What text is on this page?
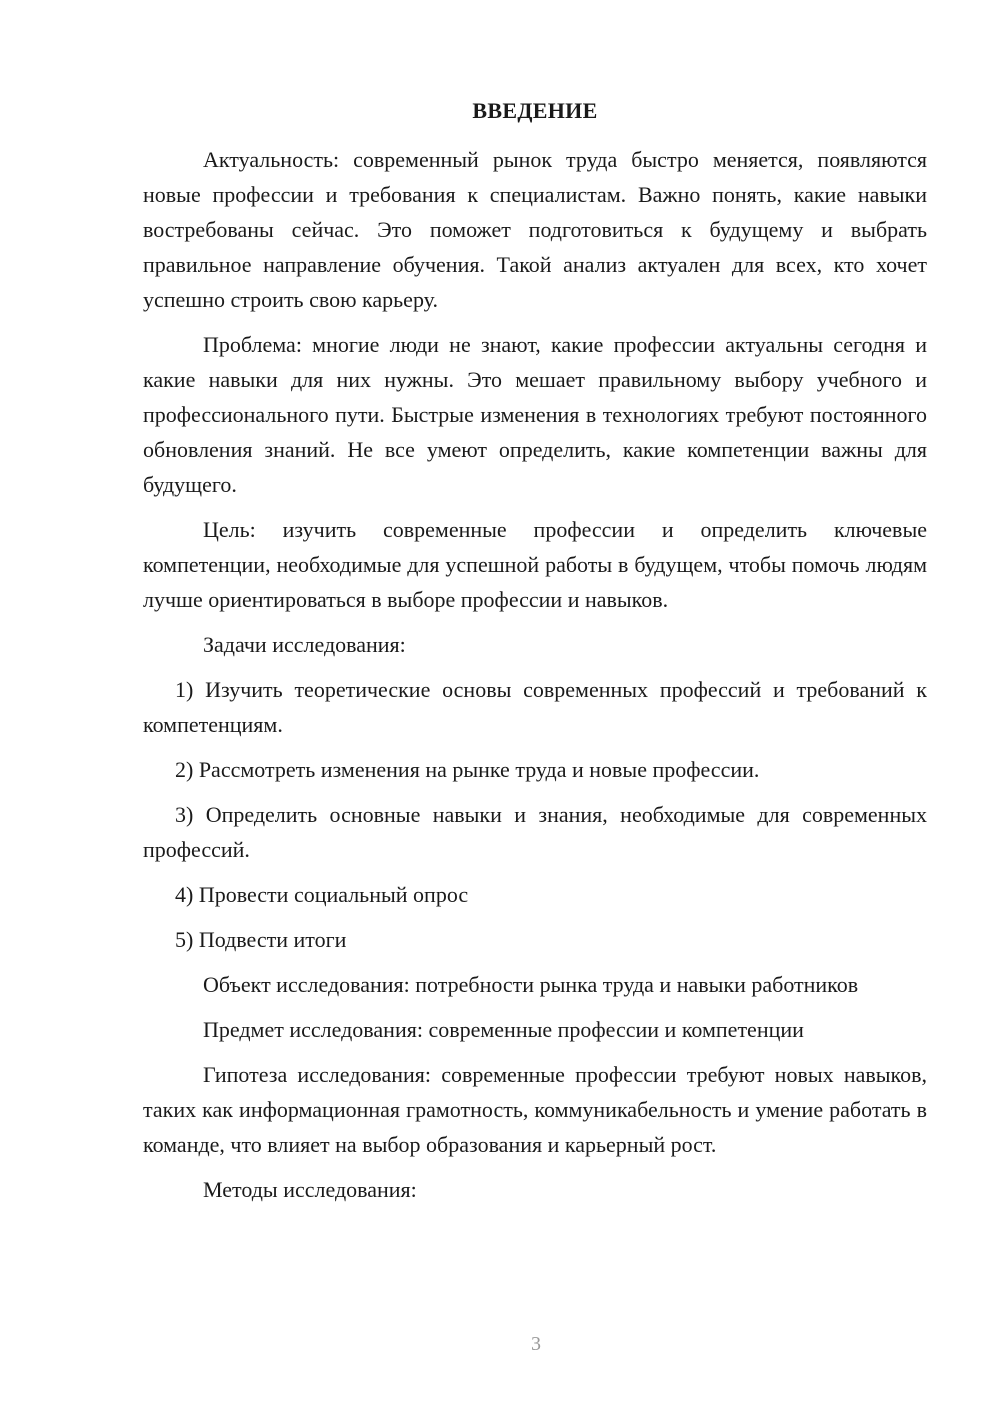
ВВЕДЕНИЕ

Актуальность: современный рынок труда быстро меняется, появляются новые профессии и требования к специалистам. Важно понять, какие навыки востребованы сейчас. Это поможет подготовиться к будущему и выбрать правильное направление обучения. Такой анализ актуален для всех, кто хочет успешно строить свою карьеру.

Проблема: многие люди не знают, какие профессии актуальны сегодня и какие навыки для них нужны. Это мешает правильному выбору учебного и профессионального пути. Быстрые изменения в технологиях требуют постоянного обновления знаний. Не все умеют определить, какие компетенции важны для будущего.

Цель: изучить современные профессии и определить ключевые компетенции, необходимые для успешной работы в будущем, чтобы помочь людям лучше ориентироваться в выборе профессии и навыков.

Задачи исследования:

1) Изучить теоретические основы современных профессий и требований к компетенциям.

2) Рассмотреть изменения на рынке труда и новые профессии.

3) Определить основные навыки и знания, необходимые для современных профессий.

4) Провести социальный опрос

5) Подвести итоги

Объект исследования: потребности рынка труда и навыки работников

Предмет исследования: современные профессии и компетенции

Гипотеза исследования: современные профессии требуют новых навыков, таких как информационная грамотность, коммуникабельность и умение работать в команде, что влияет на выбор образования и карьерный рост.

Методы исследования:

3
